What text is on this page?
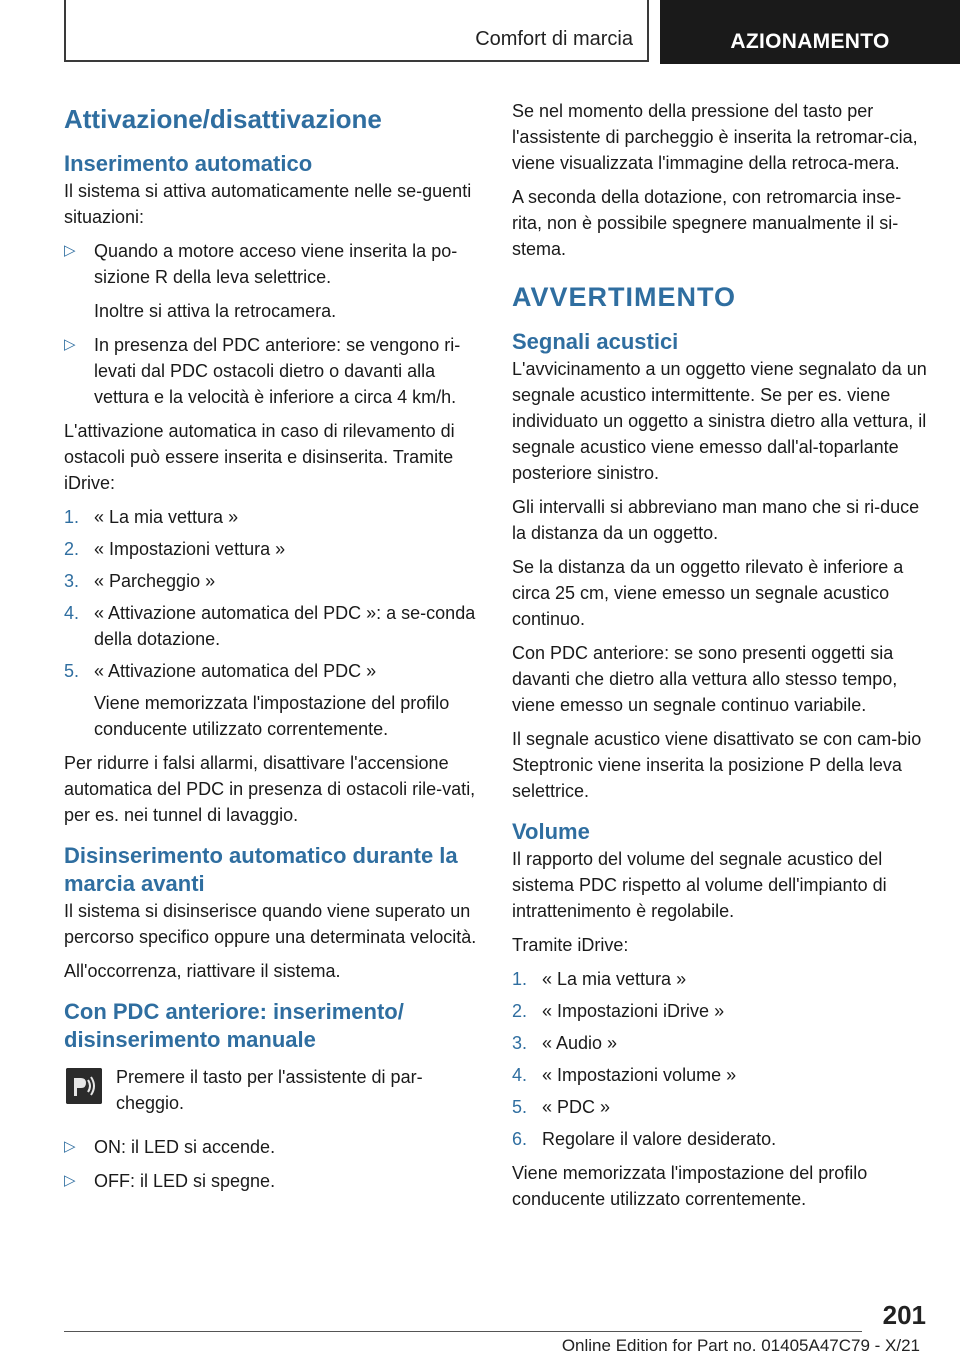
Comfort di marcia	AZIONAMENTO
Attivazione/disattivazione
Inserimento automatico

Il sistema si attiva automaticamente nelle se-guenti situazioni:

▷	Quando a motore acceso viene inserita la po-sizione R della leva selettrice.

Inoltre si attiva la retrocamera.

▷	In presenza del PDC anteriore: se vengono ri-levati dal PDC ostacoli dietro o davanti alla vettura e la velocità è inferiore a circa 4 km/h.

L'attivazione automatica in caso di rilevamento di ostacoli può essere inserita e disinserita. Tramite iDrive:

1. « La mia vettura »
2. « Impostazioni vettura »
3. « Parcheggio »
4. « Attivazione automatica del PDC »: a se-conda della dotazione.
5. « Attivazione automatica del PDC »

Viene memorizzata l'impostazione del profilo conducente utilizzato correntemente.

Per ridurre i falsi allarmi, disattivare l'accensione automatica del PDC in presenza di ostacoli rile-vati, per es. nei tunnel di lavaggio.

Disinserimento automatico durante la marcia avanti

Il sistema si disinserisce quando viene superato un percorso specifico oppure una determinata velocità.

All'occorrenza, riattivare il sistema.

Con PDC anteriore: inserimento/ disinserimento manuale

Premere il tasto per l'assistente di par-cheggio.

▷	ON: il LED si accende.
▷	OFF: il LED si spegne.

Se nel momento della pressione del tasto per l'assistente di parcheggio è inserita la retromar-cia, viene visualizzata l'immagine della retroca-mera.

A seconda della dotazione, con retromarcia inse-rita, non è possibile spegnere manualmente il si-stema.

AVVERTIMENTO
Segnali acustici

L'avvicinamento a un oggetto viene segnalato da un segnale acustico intermittente. Se per es. viene individuato un oggetto a sinistra dietro alla vettura, il segnale acustico viene emesso dall'al-toparlante posteriore sinistro.

Gli intervalli si abbreviano man mano che si ri-duce la distanza da un oggetto.

Se la distanza da un oggetto rilevato è inferiore a circa 25 cm, viene emesso un segnale acustico continuo.

Con PDC anteriore: se sono presenti oggetti sia davanti che dietro alla vettura allo stesso tempo, viene emesso un segnale continuo variabile.

Il segnale acustico viene disattivato se con cam-bio Steptronic viene inserita la posizione P della leva selettrice.

Volume

Il rapporto del volume del segnale acustico del sistema PDC rispetto al volume dell'impianto di intrattenimento è regolabile.

Tramite iDrive:

1. « La mia vettura »
2. « Impostazioni iDrive »
3. « Audio »
4. « Impostazioni volume »
5. « PDC »
6. Regolare il valore desiderato.

Viene memorizzata l'impostazione del profilo conducente utilizzato correntemente.

201
Online Edition for Part no. 01405A47C79 - X/21
